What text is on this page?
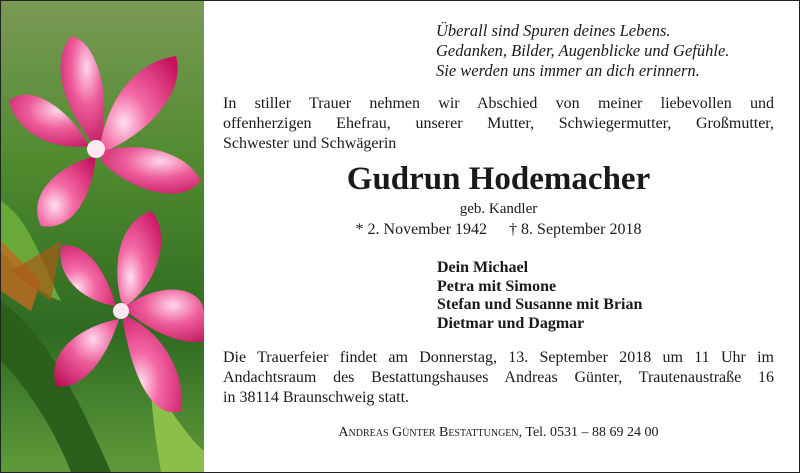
Überall sind Spuren deines Lebens.
Gedanken, Bilder, Augenblicke und Gefühle.
Sie werden uns immer an dich erinnern.
In stiller Trauer nehmen wir Abschied von meiner liebevollen und
offenherzigen Ehefrau, unserer Mutter, Schwiegermutter, Großmutter,
Schwester und Schwägerin
Gudrun Hodemacher
geb. Kandler
* 2. November 1942 † 8. September 2018
Dein Michael
Petra mit Simone
Stefan und Susanne mit Brian
Dietmar und Dagmar
Die Trauerfeier findet am Donnerstag, 13. September 2018 um 11 Uhr im
Andachtsraum des Bestattungshauses Andreas Günter, Trautenaustraße 16
in 38114 Braunschweig statt.
Andreas Günter Bestattungen, Tel. 0531 – 88 69 24 00
